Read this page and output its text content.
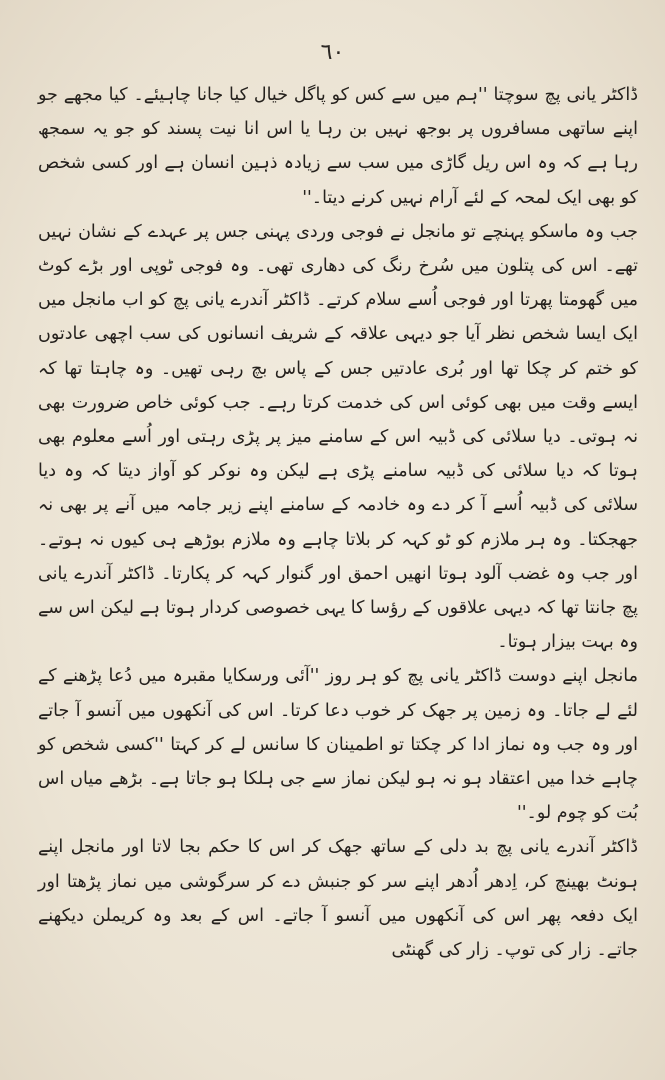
٦٠

ڈاکٹر یانی پچ سوچتا ''ہم میں سے کس کو پاگل خیال کیا جانا چاہیئے۔ کیا مجھے جو اپنے ساتھی مسافروں پر بوجھ نہیں بن رہا یا اس انا نیت پسند کو جو یہ سمجھ رہا ہے کہ وہ اس ریل گاڑی میں سب سے زیادہ ذہین انسان ہے اور کسی شخص کو بھی ایک لمحہ کے لئے آرام نہیں کرنے دیتا۔''

جب وہ ماسکو پہنچے تو مانجل نے فوجی وردی پہنی جس پر عہدے کے نشان نہیں تھے۔ اس کی پتلون میں سُرخ رنگ کی دھاری تھی۔ وہ فوجی ٹوپی اور بڑے کوٹ میں گھومتا پھرتا اور فوجی اُسے سلام کرتے۔ ڈاکٹر آندرے یانی پچ کو اب مانجل میں ایک ایسا شخص نظر آیا جو دیہی علاقہ کے شریف انسانوں کی سب اچھی عادتوں کو ختم کر چکا تھا اور بُری عادتیں جس کے پاس بچ رہی تھیں۔ وہ چاہتا تھا کہ ایسے وقت میں بھی کوئی اس کی خدمت کرتا رہے۔ جب کوئی خاص ضرورت بھی نہ ہوتی۔ دیا سلائی کی ڈبیہ اس کے سامنے میز پر پڑی رہتی اور اُسے معلوم بھی ہوتا کہ دیا سلائی کی ڈبیہ سامنے پڑی ہے لیکن وہ نوکر کو آواز دیتا کہ وہ دیا سلائی کی ڈبیہ اُسے آ کر دے وہ خادمہ کے سامنے اپنے زیر جامہ میں آنے پر بھی نہ جھجکتا۔ وہ ہر ملازم کو ٹو کہہ کر بلاتا چاہے وہ ملازم بوڑھے ہی کیوں نہ ہوتے۔ اور جب وہ غضب آلود ہوتا انھیں احمق اور گنوار کہہ کر پکارتا۔ ڈاکٹر آندرے یانی پچ جانتا تھا کہ دیہی علاقوں کے رؤسا کا یہی خصوصی کردار ہوتا ہے لیکن اس سے وہ بہت بیزار ہوتا۔

مانجل اپنے دوست ڈاکٹر یانی پچ کو ہر روز ''آئی ورسکایا مقبرہ میں دُعا پڑھنے کے لئے لے جاتا۔ وہ زمین پر جھک کر خوب دعا کرتا۔ اس کی آنکھوں میں آنسو آ جاتے اور وہ جب وہ نماز ادا کر چکتا تو اطمینان کا سانس لے کر کہتا ''کسی شخص کو چاہے خدا میں اعتقاد ہو نہ ہو لیکن نماز سے جی ہلکا ہو جاتا ہے۔ بڑھے میاں اس بُت کو چوم لو۔''

ڈاکٹر آندرے یانی پچ بد دلی کے ساتھ جھک کر اس کا حکم بجا لاتا اور مانجل اپنے ہونٹ بھینچ کر، اِدھر اُدھر اپنے سر کو جنبش دے کر سرگوشی میں نماز پڑھتا اور ایک دفعہ پھر اس کی آنکھوں میں آنسو آ جاتے۔ اس کے بعد وہ کریملن دیکھنے جاتے۔ زار کی توپ۔ زار کی گھنٹی
